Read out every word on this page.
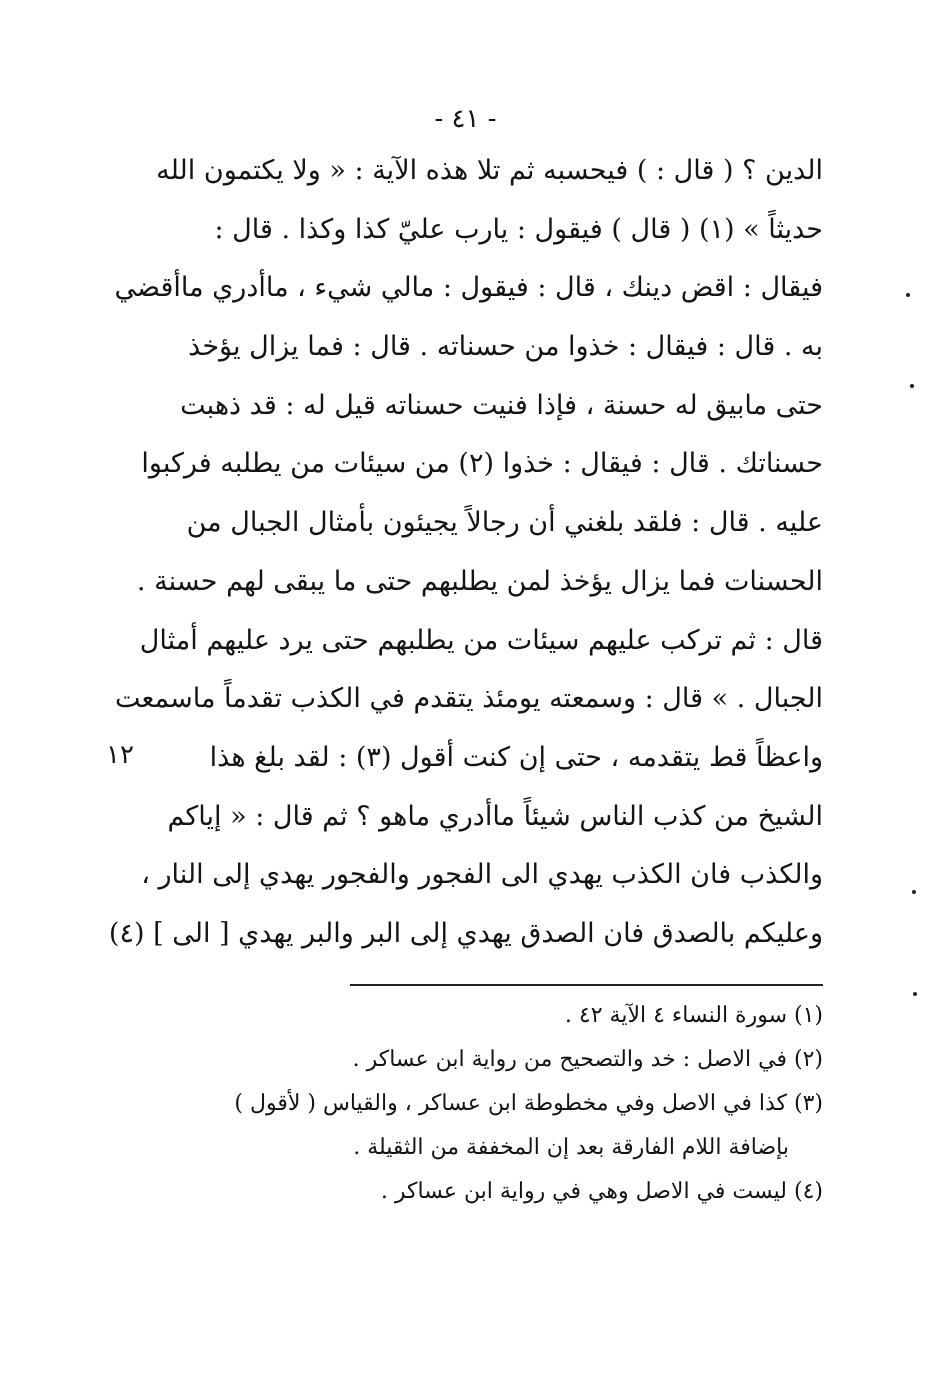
- ٤١ -
الدين ؟ ( قال : ) فيحسبه ثم تلا هذه الآية : « ولا يكتمون الله
حديثاً » (١) ( قال ) فيقول : يارب عليّ كذا وكذا . قال :
فيقال : اقض دينك ، قال : فيقول : مالي شيء ، ماأدري ماأقضي
به . قال : فيقال : خذوا من حسناته . قال : فما يزال يؤخذ
حتى مابيق له حسنة ، فإذا فنيت حسناته قيل له : قد ذهبت
حسناتك . قال : فيقال : خذوا (٢) من سيئات من يطلبه فركبوا
عليه . قال : فلقد بلغني أن رجالاً يجيئون بأمثال الجبال من
الحسنات فما يزال يؤخذ لمن يطلبهم حتى ما يبقى لهم حسنة .
قال : ثم تركب عليهم سيئات من يطلبهم حتى يرد عليهم أمثال
الجبال . » قال : وسمعته يومئذ يتقدم في الكذب تقدماً ماسمعت
واعظاً قط يتقدمه ، حتى إن كنت أقول (٣) : لقد بلغ هذا
الشيخ من كذب الناس شيئاً ماأدري ماهو ؟ ثم قال : « إياكم
والكذب فان الكذب يهدي الى الفجور والفجور يهدي إلى النار ،
وعليكم بالصدق فان الصدق يهدي إلى البر والبر يهدي [ الى ] (٤)
١٢
(١) سورة النساء ٤ الآية ٤٢ .
(٢) في الاصل : خد والتصحيح من رواية ابن عساكر .
(٣) كذا في الاصل وفي مخطوطة ابن عساكر ، والقياس ( لأقول )
بإضافة اللام الفارقة بعد إن المخففة من الثقيلة .
(٤) ليست في الاصل وهي في رواية ابن عساكر .
